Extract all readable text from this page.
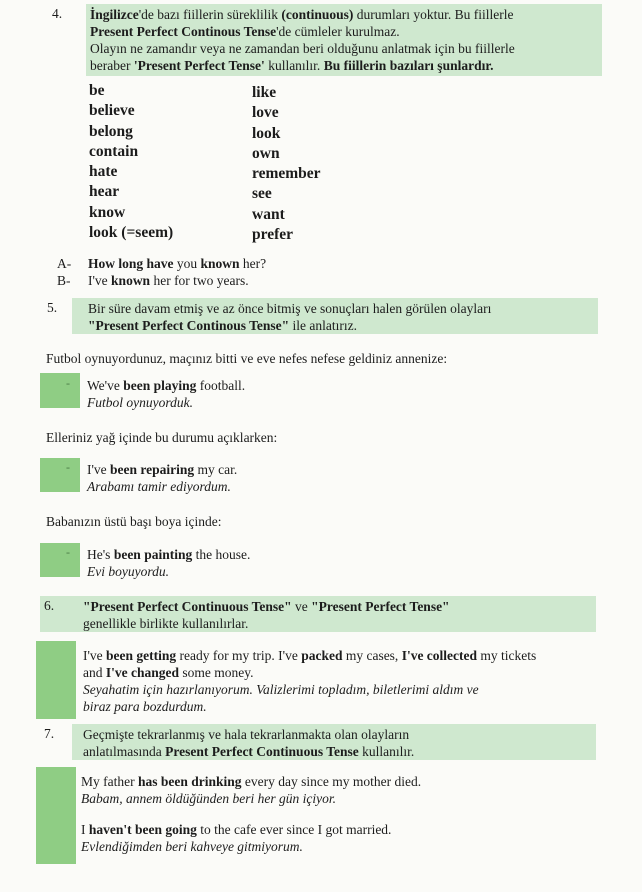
4. İngilizce'de bazı fiillerin süreklilik (continuous) durumları yoktur. Bu fiillerle
Present Perfect Continous Tense'de cümleler kurulmaz.
Olayın ne zamandır veya ne zamandan beri olduğunu anlatmak için bu fiillerle
beraber 'Present Perfect Tense' kullanılır. Bu fiillerin bazıları şunlardır.
be
believe
belong
contain
hate
hear
know
look (=seem)
like
love
look
own
remember
see
want
prefer
A- How long have you known her?
B- I've known her for two years.
5. Bir süre davam etmiş ve az önce bitmiş ve sonuçları halen görülen olayları
"Present Perfect Continous Tense" ile anlatırız.
Futbol oynuyordunuz, maçınız bitti ve eve nefes nefese geldiniz annenize:
- We've been playing football.
Futbol oynuyorduk.
Elleriniz yağ içinde bu durumu açıklarken:
- I've been repairing my car.
Arabamı tamir ediyordum.
Babanızın üstü başı boya içinde:
- He's been painting the house.
Evi boyuyordu.
6. "Present Perfect Continuous Tense" ve "Present Perfect Tense"
genellikle birlikte kullanılırlar.
I've been getting ready for my trip. I've packed my cases, I've collected my tickets
and I've changed some money.
Seyahatim için hazırlanıyorum. Valizlerimi topladım, biletlerimi aldım ve
biraz para bozdurdum.
7. Geçmişte tekrarlanmış ve hala tekrarlanmakta olan olayların
anlatılmasında Present Perfect Continuous Tense kullanılır.
My father has been drinking every day since my mother died.
Babam, annem öldüğünden beri her gün içiyor.
I haven't been going to the cafe ever since I got married.
Evlendiğimden beri kahveye gitmiyorum.
